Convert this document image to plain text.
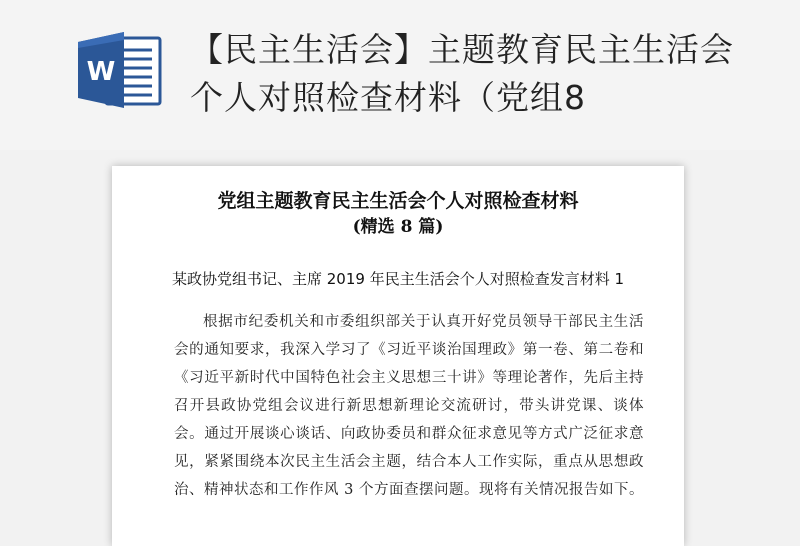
W
【民主生活会】主题教育民主生活会个人对照检查材料（党组8
党组主题教育民主生活会个人对照检查材料
(精选 8 篇)
某政协党组书记、主席 2019 年民主生活会个人对照检查发言材料 1
根据市纪委机关和市委组织部关于认真开好党员领导干部民主生活会的通知要求，我深入学习了《习近平谈治国理政》第一卷、第二卷和《习近平新时代中国特色社会主义思想三十讲》等理论著作，先后主持召开县政协党组会议进行新思想新理论交流研讨，带头讲党课、谈体会。通过开展谈心谈话、向政协委员和群众征求意见等方式广泛征求意见，紧紧围绕本次民主生活会主题，结合本人工作实际，重点从思想政治、精神状态和工作作风 3 个方面查摆问题。现将有关情况报告如下。
